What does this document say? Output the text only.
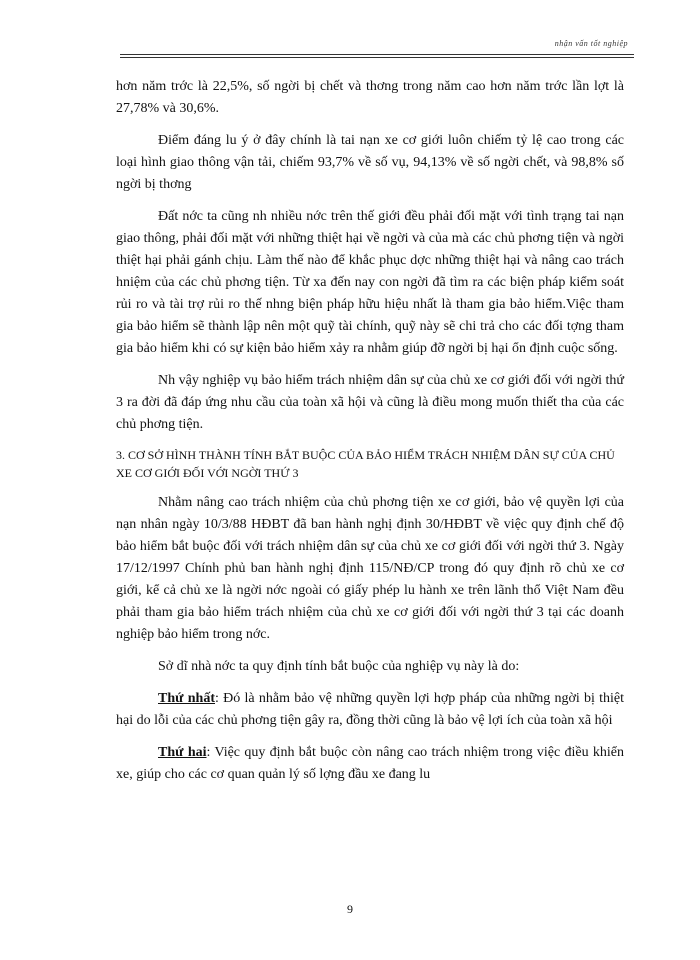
nhận vấn tốt nghiệp

hơn năm trớc là 22,5%, số ngời bị chết và thơng trong năm cao hơn năm trớc lần lợt là 27,78% và 30,6%.

Điểm đáng lu ý ở đây chính là tai nạn xe cơ giới luôn chiếm tỷ lệ cao trong các loại hình giao thông vận tải, chiếm 93,7% về số vụ, 94,13% về số ngời chết, và 98,8% số ngời bị thơng

Đất nớc ta cũng nh nhiều nớc trên thế giới đều phải đối mặt với tình trạng tai nạn giao thông, phải đối mặt với những thiệt hại về ngời và của mà các chủ phơng tiện và ngời thiệt hại phải gánh chịu. Làm thế nào để khắc phục dợc những thiệt hại và nâng cao trách hniệm của các chủ phơng tiện. Từ xa đến nay con ngời đã tìm ra các biện pháp kiểm soát rủi ro và tài trợ rủi ro thế nhng biện pháp hữu hiệu nhất là tham gia bảo hiểm.Việc tham gia bảo hiểm sẽ thành lập nên một quỹ tài chính, quỹ này sẽ chi trả cho các đối tợng tham gia bảo hiểm khi có sự kiện bảo hiểm xảy ra nhằm giúp đỡ ngời bị hại ổn định cuộc sống.

Nh vậy nghiệp vụ bảo hiểm trách nhiệm dân sự của chủ xe cơ giới đối với ngời thứ 3 ra đời đã đáp ứng nhu cầu của toàn xã hội và cũng là điều mong muốn thiết tha của các chủ phơng tiện.

3. CƠ SỞ HÌNH THÀNH TÍNH BẮT BUỘC CỦA BẢO HIỂM TRÁCH NHIỆM DÂN SỰ CỦA CHỦ XE CƠ GIỚI ĐỐI VỚI NGỜI THỨ 3

Nhằm nâng cao trách nhiệm của chủ phơng tiện xe cơ giới, bảo vệ quyền lợi của nạn nhân ngày 10/3/88 HĐBT đã ban hành nghị định 30/HĐBT về việc quy định chế độ bảo hiểm bắt buộc đối với trách nhiệm dân sự của chủ xe cơ giới đối với ngời thứ 3. Ngày 17/12/1997 Chính phủ ban hành nghị định 115/NĐ/CP trong đó quy định rõ chủ xe cơ giới, kể cả chủ xe là ngời nớc ngoài có giấy phép lu hành xe trên lãnh thổ Việt Nam đều phải tham gia bảo hiểm trách nhiệm của chủ xe cơ giới đối với ngời thứ 3 tại các doanh nghiệp bảo hiểm trong nớc.

Sở dĩ nhà nớc ta quy định tính bắt buộc của nghiệp vụ này là do:

Thứ nhất: Đó là nhằm bảo vệ những quyền lợi hợp pháp của những ngời bị thiệt hại do lỗi của các chủ phơng tiện gây ra, đồng thời cũng là bảo vệ lợi ích của toàn xã hội

Thứ hai: Việc quy định bắt buộc còn nâng cao trách nhiệm trong việc điều khiển xe, giúp cho các cơ quan quản lý số lợng đầu xe đang lu

9
